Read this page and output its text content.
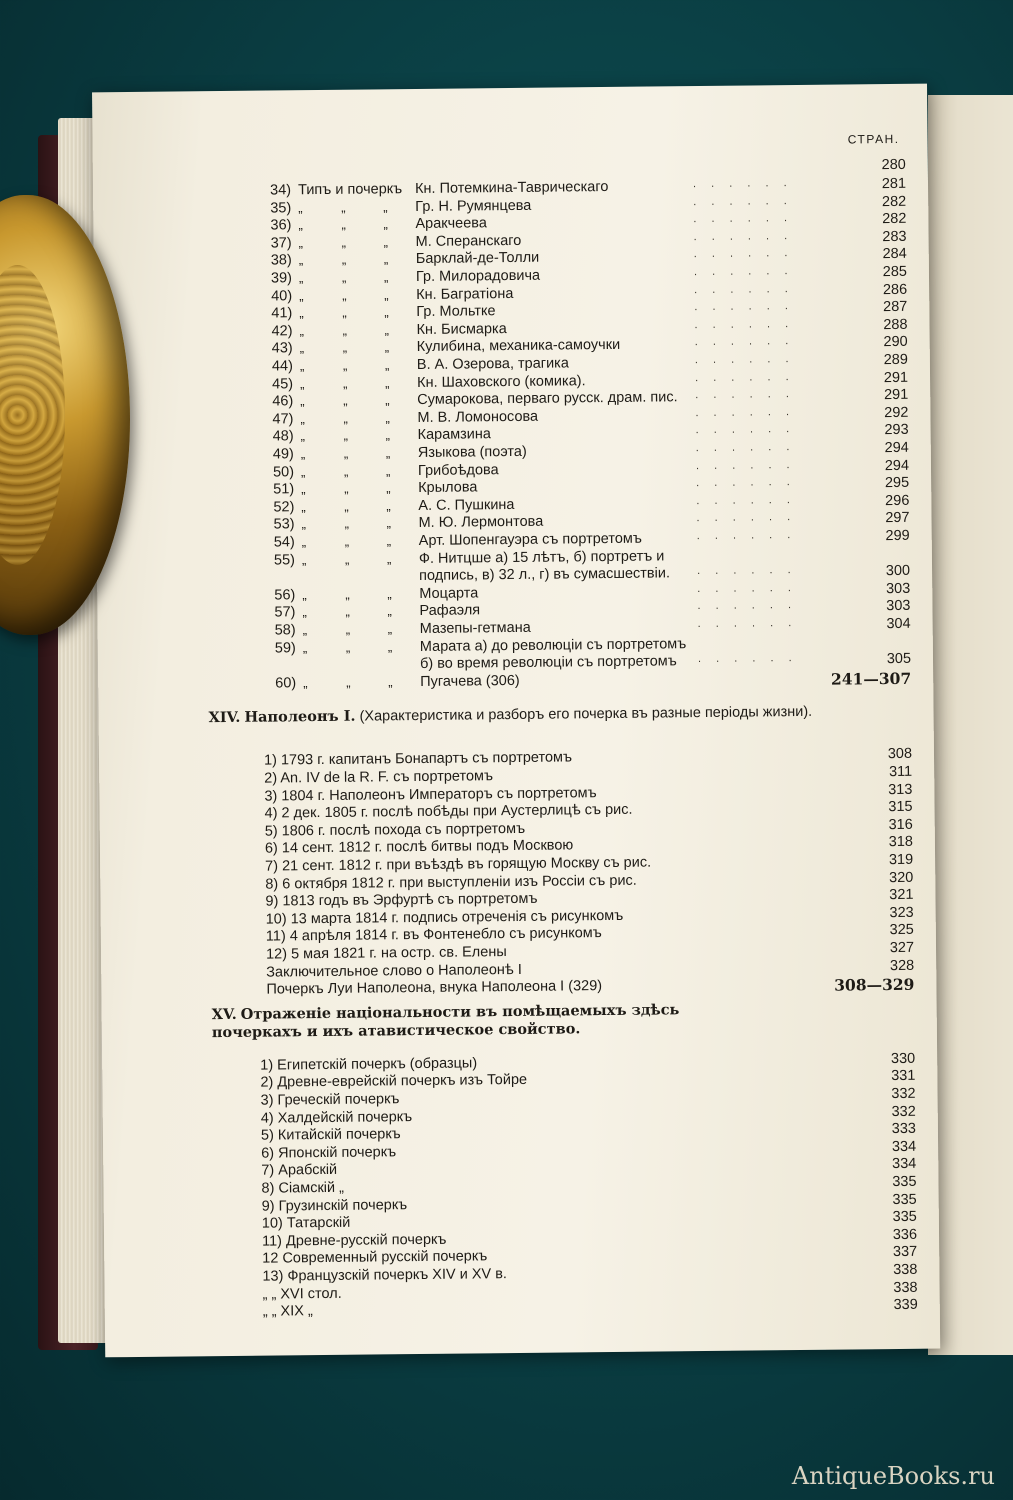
СТРАН.
280
34) Типъ и почеркъ Кн. Потемкина-Таврическаго	281
. . . . . .
35) „	„	„ Гр. Н. Румянцева	282
. . . . . .
36) „	„	„ Аракчеева	282
. . . . . .
37) „	„	„ М. Сперанскаго	283
. . . . . .
38) „	„	„ Барклай-де-Толли	284
. . . . . .
39) „	„	„ Гр. Милорадовича	285
. . . . . .
40) „	„	„ Кн. Багратіона	286
. . . . . .
41) „	„	„ Гр. Мольтке	287
. . . . . .
42) „	„	„ Кн. Бисмарка	288
. . . . . .
43) „	„	„ Кулибина, механика-самоучки	290
. . . . . .
44) „	„	„ В. А. Озерова, трагика	289
. . . . . .
45) „	„	„ Кн. Шаховского (комика).	291
. . . . . .
46) „	„	„ Сумарокова, перваго русск. драм. пис.	291
. . . . . .
47) „	„	„ М. В. Ломоносова	292
. . . . . .
48) „	„	„ Карамзина	293
. . . . . .
49) „	„	„ Языкова (поэта)	294
. . . . . .
50) „	„	„ Грибоѣдова	294
. . . . . .
51) „	„	„ Крылова	295
. . . . . .
52) „	„	„ А. С. Пушкина	296
. . . . . .
53) „	„	„ М. Ю. Лермонтова	297
. . . . . .
54) „	„	„ Арт. Шопенгауэра съ портретомъ	299
. . . . . .
55) „	„	„ Ф. Нитцше а) 15 лѣтъ, б) портретъ и
подпись, в) 32 л., г) въ сумасшествіи.	300
. . . . . .
56) „	„	„ Моцарта	303
. . . . . .
57) „	„	„ Рафаэля	303
. . . . . .
58) „	„	„ Мазепы-гетмана	304
. . . . . .
59) „	„	„ Марата а) до революціи съ портретомъ
б) во время революціи съ портретомъ	305
. . . . . .
60) „	„	„ Пугачева (306)	241—307
XIV. Наполеонъ I. (Характеристика и разборъ его почерка въ разные періоды жизни).
1) 1793 г. капитанъ Бонапартъ съ портретомъ	308
2) An. IV de la R. F. съ портретомъ	311
3) 1804 г. Наполеонъ Императоръ съ портретомъ	313
4) 2 дек. 1805 г. послѣ побѣды при Аустерлицѣ съ рис.	315
5) 1806 г. послѣ похода съ портретомъ	316
6) 14 сент. 1812 г. послѣ битвы подъ Москвою	318
7) 21 сент. 1812 г. при въѣздѣ въ горящую Москву съ рис.	319
8) 6 октября 1812 г. при выступленіи изъ Россіи съ рис.	320
9) 1813 годъ въ Эрфуртѣ съ портретомъ	321
10) 13 марта 1814 г. подпись отреченія съ рисункомъ	323
11) 4 апрѣля 1814 г. въ Фонтенебло съ рисункомъ	325
12) 5 мая 1821 г. на остр. св. Елены	327
Заключительное слово о Наполеонѣ I	328
Почеркъ Луи Наполеона, внука Наполеона I (329)	308—329
XV. Отраженіе національности въ помѣщаемыхъ здѣсь почеркахъ и ихъ атавистическое свойство.
1) Египетскій почеркъ (образцы)	330
2) Древне-еврейскій почеркъ изъ Тойре	331
3) Греческій почеркъ	332
4) Халдейскій почеркъ	332
5) Китайскій почеркъ	333
6) Японскій почеркъ	334
7) Арабскій	334
8) Сіамскій „	335
9) Грузинскій почеркъ	335
10) Татарскій	335
11) Древне-русскій почеркъ	336
12 Современный русскій почеркъ	337
13) Французскій почеркъ XIV и XV в.	338
„ „ XVI стол.	338
„ „ XIX „	339
AntiqueBooks.ru
